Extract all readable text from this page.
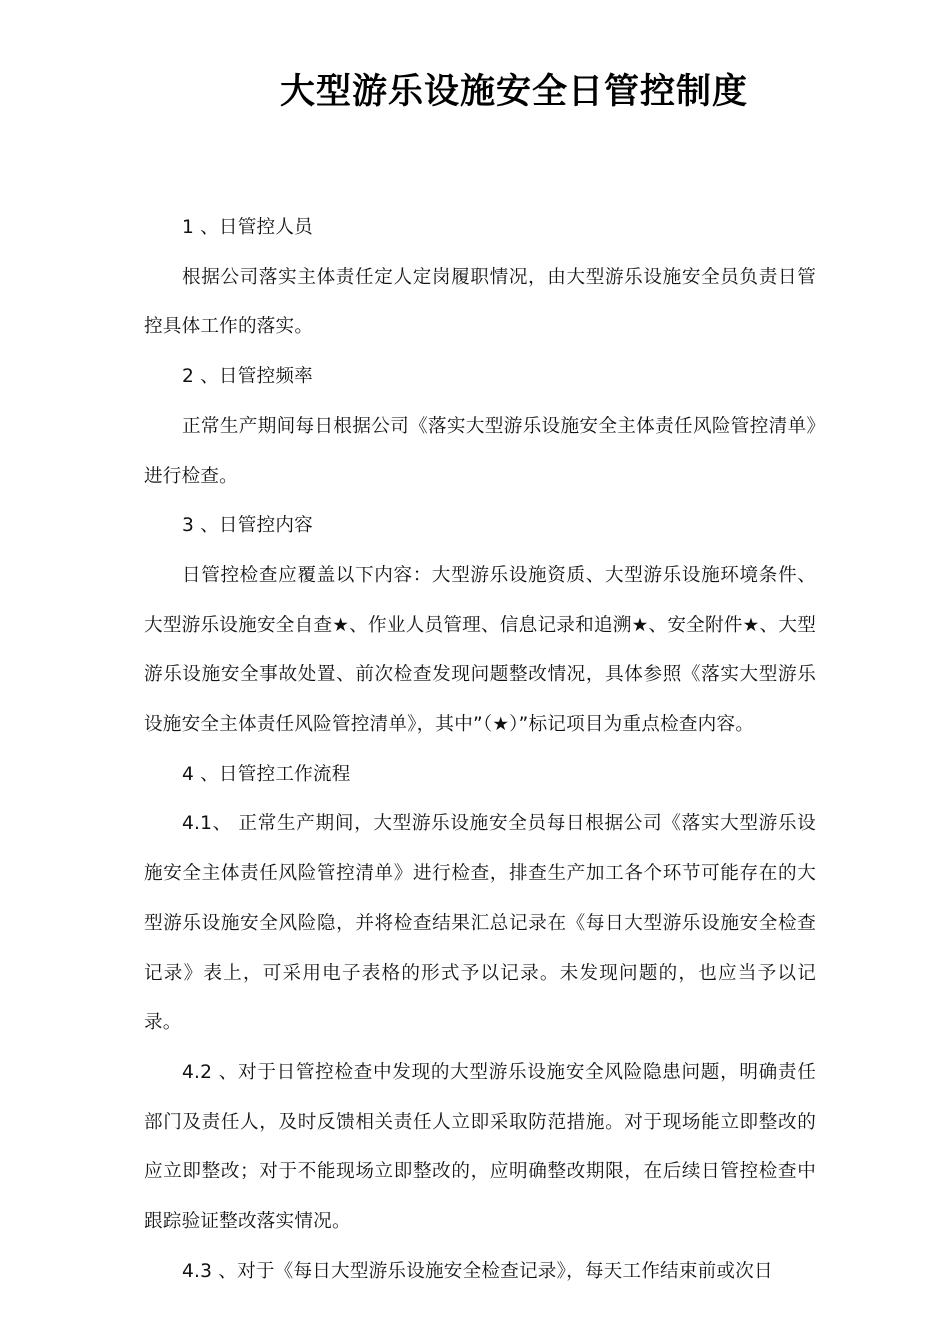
大型游乐设施安全日管控制度

1 、日管控人员

根据公司落实主体责任定人定岗履职情况，由大型游乐设施安全员负责日管控具体工作的落实。

2 、日管控频率

正常生产期间每日根据公司《落实大型游乐设施安全主体责任风险管控清单》进行检查。

3 、日管控内容

日管控检查应覆盖以下内容：大型游乐设施资质、大型游乐设施环境条件、大型游乐设施安全自查★、作业人员管理、信息记录和追溯★、安全附件★、大型游乐设施安全事故处置、前次检查发现问题整改情况，具体参照《落实大型游乐设施安全主体责任风险管控清单》，其中”（★）”标记项目为重点检查内容。

4 、日管控工作流程

4.1、 正常生产期间，大型游乐设施安全员每日根据公司《落实大型游乐设施安全主体责任风险管控清单》进行检查，排查生产加工各个环节可能存在的大型游乐设施安全风险隐，并将检查结果汇总记录在《每日大型游乐设施安全检查记录》表上，可采用电子表格的形式予以记录。未发现问题的，也应当予以记录。

4.2 、对于日管控检查中发现的大型游乐设施安全风险隐患问题，明确责任部门及责任人，及时反馈相关责任人立即采取防范措施。对于现场能立即整改的应立即整改；对于不能现场立即整改的，应明确整改期限，在后续日管控检查中跟踪验证整改落实情况。

4.3 、对于《每日大型游乐设施安全检查记录》，每天工作结束前或次日
